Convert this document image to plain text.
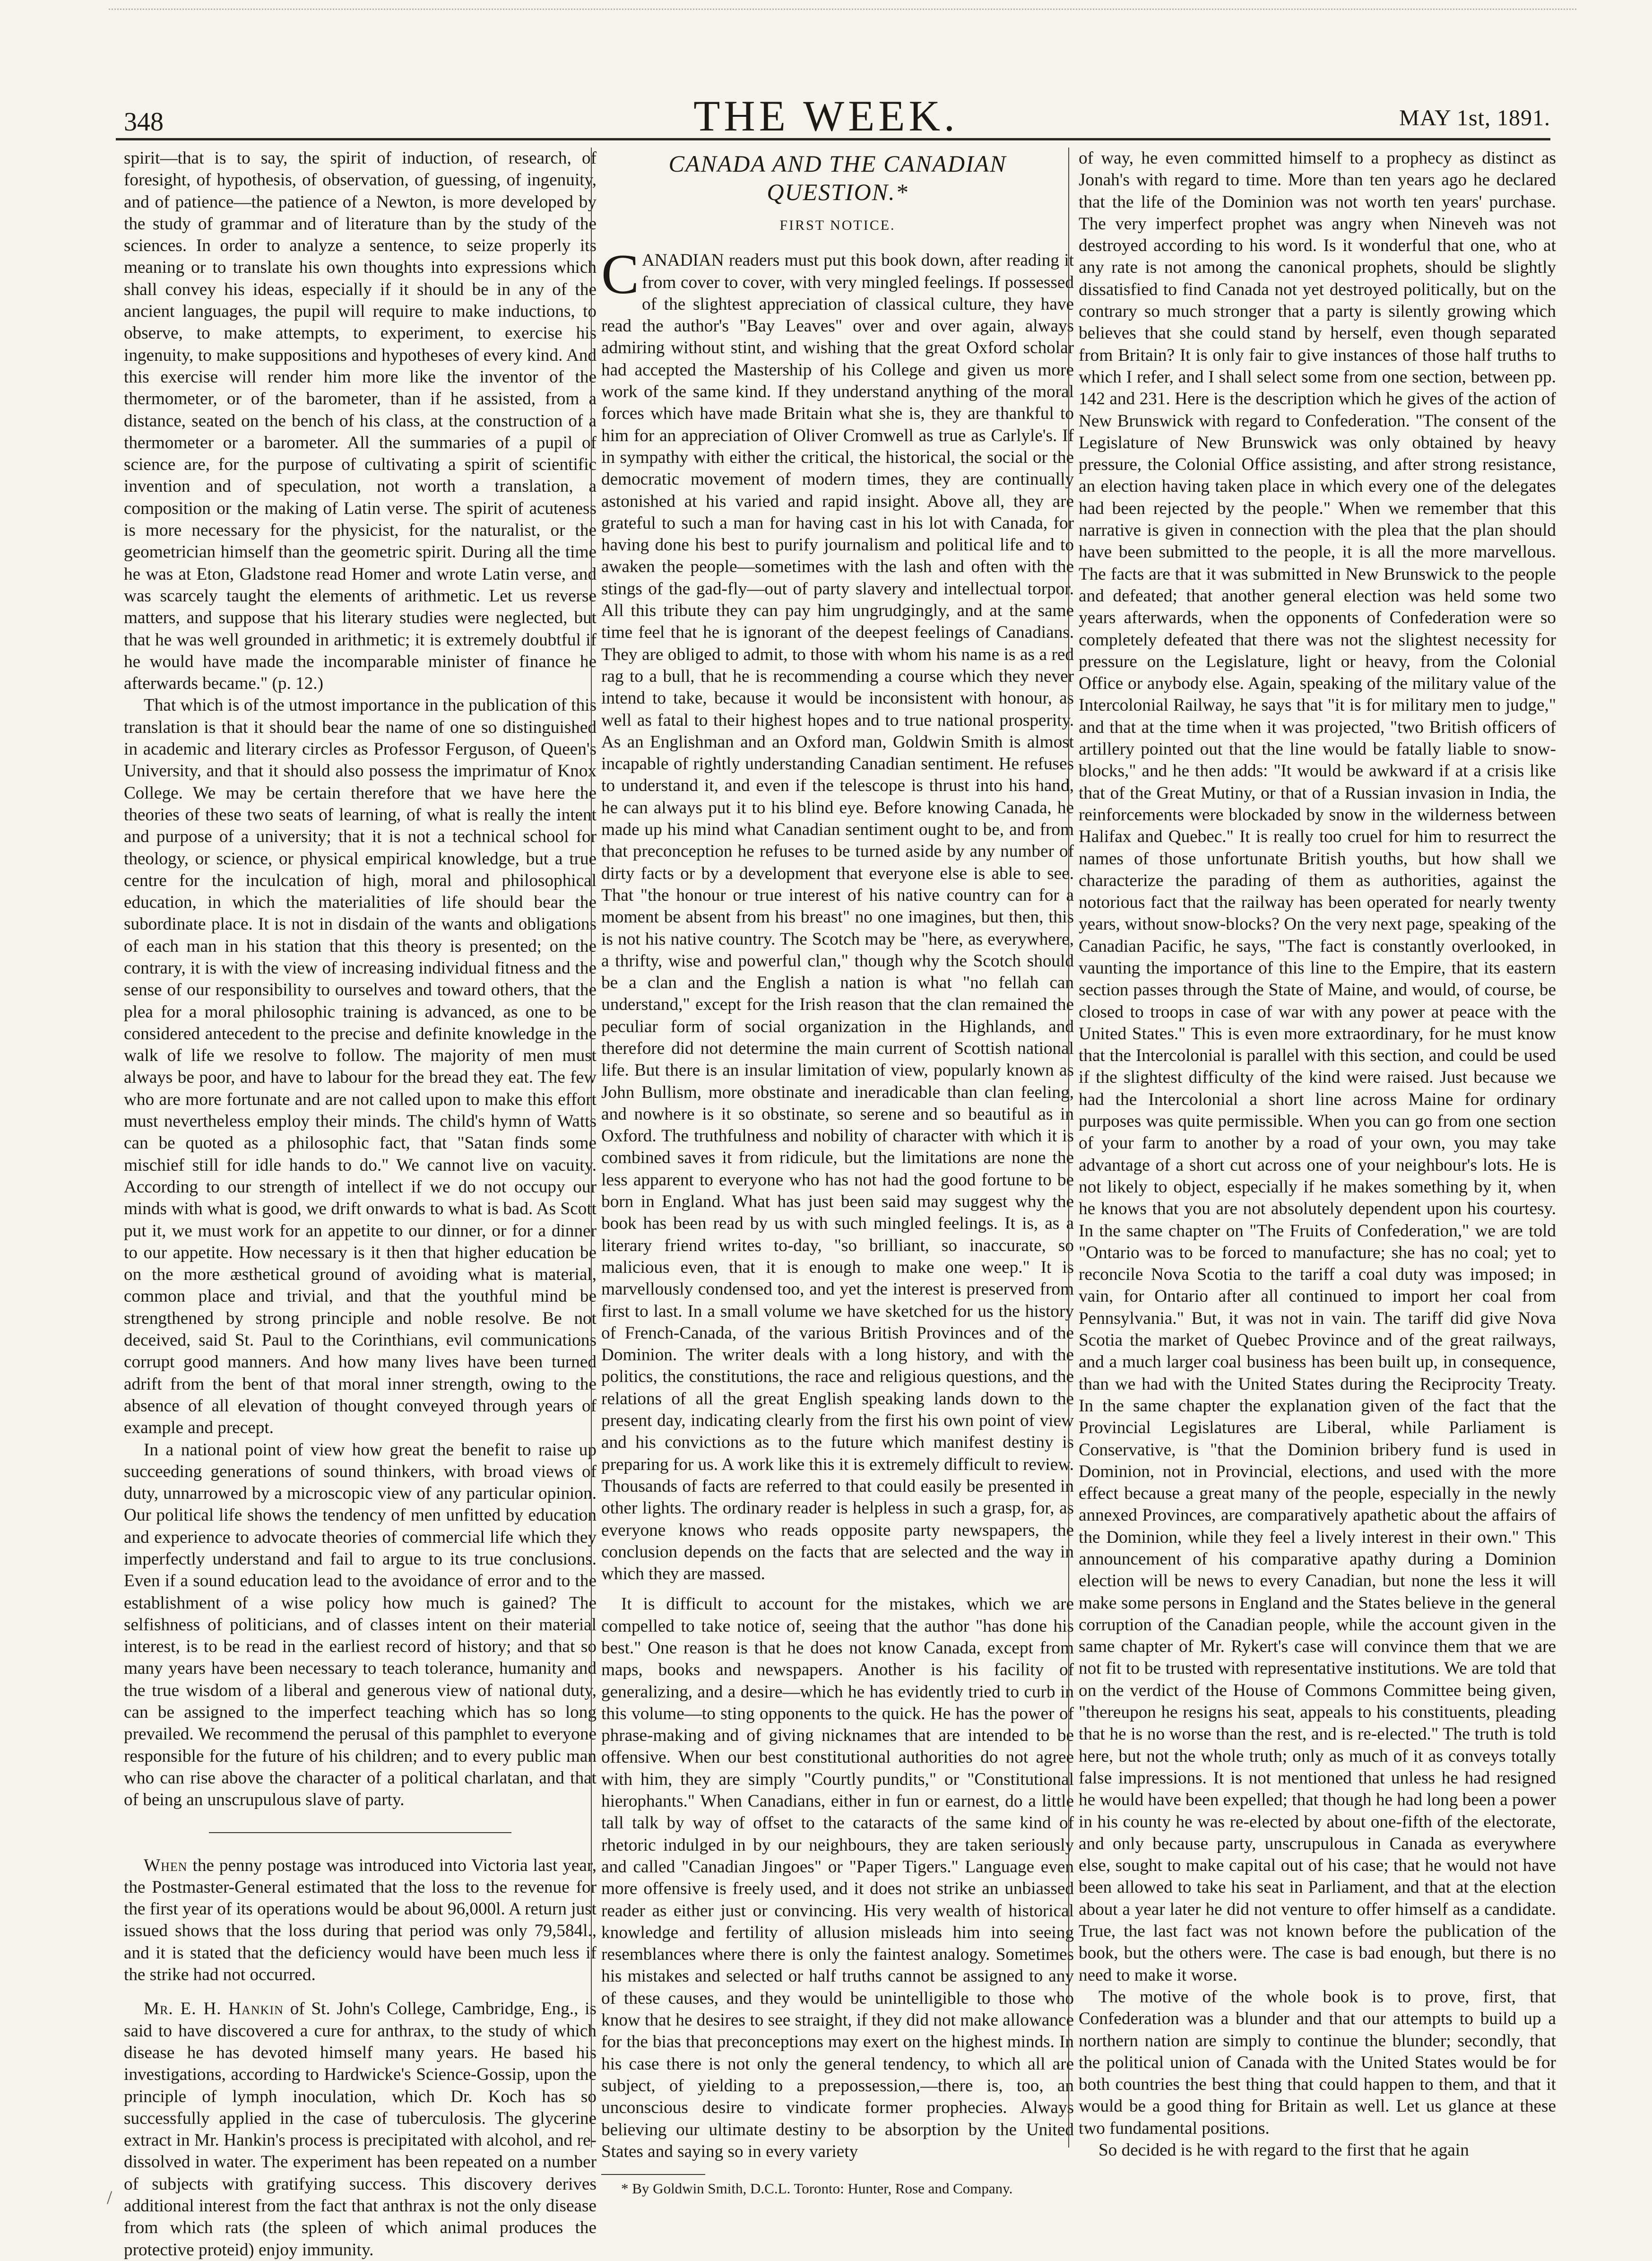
348	THE WEEK.	MAY 1st, 1891.

spirit—that is to say, the spirit of induction, of research, of foresight, of hypothesis, of observation, of guessing, of ingenuity, and of patience—the patience of a Newton, is more developed by the study of grammar and of literature than by the study of the sciences. In order to analyze a sentence, to seize properly its meaning or to translate his own thoughts into expressions which shall convey his ideas, especially if it should be in any of the ancient languages, the pupil will require to make inductions, to observe, to make attempts, to experiment, to exercise his ingenuity, to make suppositions and hypotheses of every kind. And this exercise will render him more like the inventor of the thermometer, or of the barometer, than if he assisted, from a distance, seated on the bench of his class, at the construction of a thermometer or a barometer. All the summaries of a pupil of science are, for the purpose of cultivating a spirit of scientific invention and of speculation, not worth a translation, a composition or the making of Latin verse. The spirit of acuteness is more necessary for the physicist, for the naturalist, or the geometrician himself than the geometric spirit. During all the time he was at Eton, Gladstone read Homer and wrote Latin verse, and was scarcely taught the elements of arithmetic. Let us reverse matters, and suppose that his literary studies were neglected, but that he was well grounded in arithmetic; it is extremely doubtful if he would have made the incomparable minister of finance he afterwards became." (p. 12.)

That which is of the utmost importance in the publication of this translation is that it should bear the name of one so distinguished in academic and literary circles as Professor Ferguson, of Queen's University, and that it should also possess the imprimatur of Knox College. We may be certain therefore that we have here the theories of these two seats of learning, of what is really the intent and purpose of a university; that it is not a technical school for theology, or science, or physical empirical knowledge, but a true centre for the inculcation of high, moral and philosophical education, in which the materialities of life should bear the subordinate place. It is not in disdain of the wants and obligations of each man in his station that this theory is presented; on the contrary, it is with the view of increasing individual fitness and the sense of our responsibility to ourselves and toward others, that the plea for a moral philosophic training is advanced, as one to be considered antecedent to the precise and definite knowledge in the walk of life we resolve to follow. The majority of men must always be poor, and have to labour for the bread they eat. The few who are more fortunate and are not called upon to make this effort must nevertheless employ their minds. The child's hymn of Watts can be quoted as a philosophic fact, that "Satan finds some mischief still for idle hands to do." We cannot live on vacuity. According to our strength of intellect if we do not occupy our minds with what is good, we drift onwards to what is bad. As Scott put it, we must work for an appetite to our dinner, or for a dinner to our appetite. How necessary is it then that higher education be on the more æsthetical ground of avoiding what is material, common place and trivial, and that the youthful mind be strengthened by strong principle and noble resolve. Be not deceived, said St. Paul to the Corinthians, evil communications corrupt good manners. And how many lives have been turned adrift from the bent of that moral inner strength, owing to the absence of all elevation of thought conveyed through years of example and precept.

In a national point of view how great the benefit to raise up succeeding generations of sound thinkers, with broad views of duty, unnarrowed by a microscopic view of any particular opinion. Our political life shows the tendency of men unfitted by education and experience to advocate theories of commercial life which they imperfectly understand and fail to argue to its true conclusions. Even if a sound education lead to the avoidance of error and to the establishment of a wise policy how much is gained? The selfishness of politicians, and of classes intent on their material interest, is to be read in the earliest record of history; and that so many years have been necessary to teach tolerance, humanity and the true wisdom of a liberal and generous view of national duty, can be assigned to the imperfect teaching which has so long prevailed. We recommend the perusal of this pamphlet to everyone responsible for the future of his children; and to every public man who can rise above the character of a political charlatan, and that of being an unscrupulous slave of party.

When the penny postage was introduced into Victoria last year, the Postmaster-General estimated that the loss to the revenue for the first year of its operations would be about 96,000l. A return just issued shows that the loss during that period was only 79,584l., and it is stated that the deficiency would have been much less if the strike had not occurred.

Mr. E. H. Hankin of St. John's College, Cambridge, Eng., is said to have discovered a cure for anthrax, to the study of which disease he has devoted himself many years. He based his investigations, according to Hardwicke's Science-Gossip, upon the principle of lymph inoculation, which Dr. Koch has so successfully applied in the case of tuberculosis. The glycerine extract in Mr. Hankin's process is precipitated with alcohol, and re-dissolved in water. The experiment has been repeated on a number of subjects with gratifying success. This discovery derives additional interest from the fact that anthrax is not the only disease from which rats (the spleen of which animal produces the protective proteid) enjoy immunity.

CANADA AND THE CANADIAN QUESTION.*
FIRST NOTICE.

CANADIAN readers must put this book down, after reading it from cover to cover, with very mingled feelings. If possessed of the slightest appreciation of classical culture, they have read the author's "Bay Leaves" over and over again, always admiring without stint, and wishing that the great Oxford scholar had accepted the Mastership of his College and given us more work of the same kind. If they understand anything of the moral forces which have made Britain what she is, they are thankful to him for an appreciation of Oliver Cromwell as true as Carlyle's. If in sympathy with either the critical, the historical, the social or the democratic movement of modern times, they are continually astonished at his varied and rapid insight. Above all, they are grateful to such a man for having cast in his lot with Canada, for having done his best to purify journalism and political life and to awaken the people—sometimes with the lash and often with the stings of the gad-fly—out of party slavery and intellectual torpor. All this tribute they can pay him ungrudgingly, and at the same time feel that he is ignorant of the deepest feelings of Canadians. They are obliged to admit, to those with whom his name is as a red rag to a bull, that he is recommending a course which they never intend to take, because it would be inconsistent with honour, as well as fatal to their highest hopes and to true national prosperity. As an Englishman and an Oxford man, Goldwin Smith is almost incapable of rightly understanding Canadian sentiment. He refuses to understand it, and even if the telescope is thrust into his hand, he can always put it to his blind eye. Before knowing Canada, he made up his mind what Canadian sentiment ought to be, and from that preconception he refuses to be turned aside by any number of dirty facts or by a development that everyone else is able to see. That "the honour or true interest of his native country can for a moment be absent from his breast" no one imagines, but then, this is not his native country. The Scotch may be "here, as everywhere, a thrifty, wise and powerful clan," though why the Scotch should be a clan and the English a nation is what "no fellah can understand," except for the Irish reason that the clan remained the peculiar form of social organization in the Highlands, and therefore did not determine the main current of Scottish national life. But there is an insular limitation of view, popularly known as John Bullism, more obstinate and ineradicable than clan feeling, and nowhere is it so obstinate, so serene and so beautiful as in Oxford. The truthfulness and nobility of character with which it is combined saves it from ridicule, but the limitations are none the less apparent to everyone who has not had the good fortune to be born in England. What has just been said may suggest why the book has been read by us with such mingled feelings. It is, as a literary friend writes to-day, "so brilliant, so inaccurate, so malicious even, that it is enough to make one weep." It is marvellously condensed too, and yet the interest is preserved from first to last. In a small volume we have sketched for us the history of French-Canada, of the various British Provinces and of the Dominion. The writer deals with a long history, and with the politics, the constitutions, the race and religious questions, and the relations of all the great English speaking lands down to the present day, indicating clearly from the first his own point of view and his convictions as to the future which manifest destiny is preparing for us. A work like this it is extremely difficult to review. Thousands of facts are referred to that could easily be presented in other lights. The ordinary reader is helpless in such a grasp, for, as everyone knows who reads opposite party newspapers, the conclusion depends on the facts that are selected and the way in which they are massed.

It is difficult to account for the mistakes, which we are compelled to take notice of, seeing that the author "has done his best." One reason is that he does not know Canada, except from maps, books and newspapers. Another is his facility of generalizing, and a desire—which he has evidently tried to curb in this volume—to sting opponents to the quick. He has the power of phrase-making and of giving nicknames that are intended to be offensive. When our best constitutional authorities do not agree with him, they are simply "Courtly pundits," or "Constitutional hierophants." When Canadians, either in fun or earnest, do a little tall talk by way of offset to the cataracts of the same kind of rhetoric indulged in by our neighbours, they are taken seriously and called "Canadian Jingoes" or "Paper Tigers." Language even more offensive is freely used, and it does not strike an unbiassed reader as either just or convincing. His very wealth of historical knowledge and fertility of allusion misleads him into seeing resemblances where there is only the faintest analogy. Sometimes his mistakes and selected or half truths cannot be assigned to any of these causes, and they would be unintelligible to those who know that he desires to see straight, if they did not make allowance for the bias that preconceptions may exert on the highest minds. In his case there is not only the general tendency, to which all are subject, of yielding to a prepossession,—there is, too, an unconscious desire to vindicate former prophecies. Always believing our ultimate destiny to be absorption by the United States and saying so in every variety

* By Goldwin Smith, D.C.L. Toronto: Hunter, Rose and Company.

of way, he even committed himself to a prophecy as distinct as Jonah's with regard to time. More than ten years ago he declared that the life of the Dominion was not worth ten years' purchase. The very imperfect prophet was angry when Nineveh was not destroyed according to his word. Is it wonderful that one, who at any rate is not among the canonical prophets, should be slightly dissatisfied to find Canada not yet destroyed politically, but on the contrary so much stronger that a party is silently growing which believes that she could stand by herself, even though separated from Britain? It is only fair to give instances of those half truths to which I refer, and I shall select some from one section, between pp. 142 and 231. Here is the description which he gives of the action of New Brunswick with regard to Confederation. "The consent of the Legislature of New Brunswick was only obtained by heavy pressure, the Colonial Office assisting, and after strong resistance, an election having taken place in which every one of the delegates had been rejected by the people." When we remember that this narrative is given in connection with the plea that the plan should have been submitted to the people, it is all the more marvellous. The facts are that it was submitted in New Brunswick to the people and defeated; that another general election was held some two years afterwards, when the opponents of Confederation were so completely defeated that there was not the slightest necessity for pressure on the Legislature, light or heavy, from the Colonial Office or anybody else. Again, speaking of the military value of the Intercolonial Railway, he says that "it is for military men to judge," and that at the time when it was projected, "two British officers of artillery pointed out that the line would be fatally liable to snow-blocks," and he then adds: "It would be awkward if at a crisis like that of the Great Mutiny, or that of a Russian invasion in India, the reinforcements were blockaded by snow in the wilderness between Halifax and Quebec." It is really too cruel for him to resurrect the names of those unfortunate British youths, but how shall we characterize the parading of them as authorities, against the notorious fact that the railway has been operated for nearly twenty years, without snow-blocks? On the very next page, speaking of the Canadian Pacific, he says, "The fact is constantly overlooked, in vaunting the importance of this line to the Empire, that its eastern section passes through the State of Maine, and would, of course, be closed to troops in case of war with any power at peace with the United States." This is even more extraordinary, for he must know that the Intercolonial is parallel with this section, and could be used if the slightest difficulty of the kind were raised. Just because we had the Intercolonial a short line across Maine for ordinary purposes was quite permissible. When you can go from one section of your farm to another by a road of your own, you may take advantage of a short cut across one of your neighbour's lots. He is not likely to object, especially if he makes something by it, when he knows that you are not absolutely dependent upon his courtesy. In the same chapter on "The Fruits of Confederation," we are told "Ontario was to be forced to manufacture; she has no coal; yet to reconcile Nova Scotia to the tariff a coal duty was imposed; in vain, for Ontario after all continued to import her coal from Pennsylvania." But, it was not in vain. The tariff did give Nova Scotia the market of Quebec Province and of the great railways, and a much larger coal business has been built up, in consequence, than we had with the United States during the Reciprocity Treaty. In the same chapter the explanation given of the fact that the Provincial Legislatures are Liberal, while Parliament is Conservative, is "that the Dominion bribery fund is used in Dominion, not in Provincial, elections, and used with the more effect because a great many of the people, especially in the newly annexed Provinces, are comparatively apathetic about the affairs of the Dominion, while they feel a lively interest in their own." This announcement of his comparative apathy during a Dominion election will be news to every Canadian, but none the less it will make some persons in England and the States believe in the general corruption of the Canadian people, while the account given in the same chapter of Mr. Rykert's case will convince them that we are not fit to be trusted with representative institutions. We are told that on the verdict of the House of Commons Committee being given, "thereupon he resigns his seat, appeals to his constituents, pleading that he is no worse than the rest, and is re-elected." The truth is told here, but not the whole truth; only as much of it as conveys totally false impressions. It is not mentioned that unless he had resigned he would have been expelled; that though he had long been a power in his county he was re-elected by about one-fifth of the electorate, and only because party, unscrupulous in Canada as everywhere else, sought to make capital out of his case; that he would not have been allowed to take his seat in Parliament, and that at the election about a year later he did not venture to offer himself as a candidate. True, the last fact was not known before the publication of the book, but the others were. The case is bad enough, but there is no need to make it worse.

The motive of the whole book is to prove, first, that Confederation was a blunder and that our attempts to build up a northern nation are simply to continue the blunder; secondly, that the political union of Canada with the United States would be for both countries the best thing that could happen to them, and that it would be a good thing for Britain as well. Let us glance at these two fundamental positions.

So decided is he with regard to the first that he again

/
